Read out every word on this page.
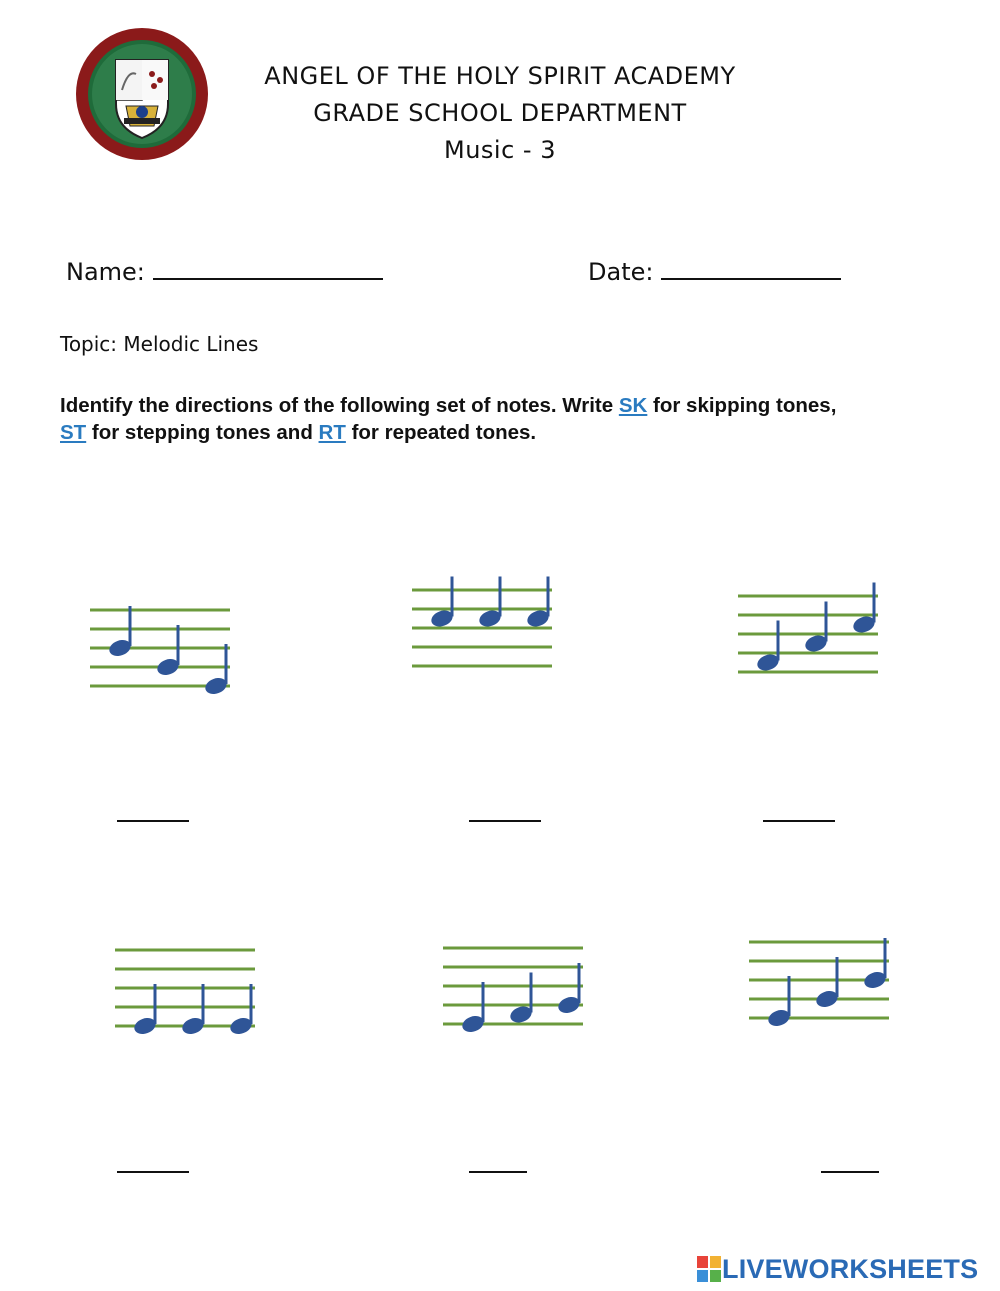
ANGEL OF THE HOLY SPIRIT ACADEMY
GRADE SCHOOL DEPARTMENT
Music - 3
Name:	Date:
Topic: Melodic Lines
Identify the directions of the following set of notes. Write SK for skipping tones,
ST for stepping tones and RT for repeated tones.
LIVEWORKSHEETS
